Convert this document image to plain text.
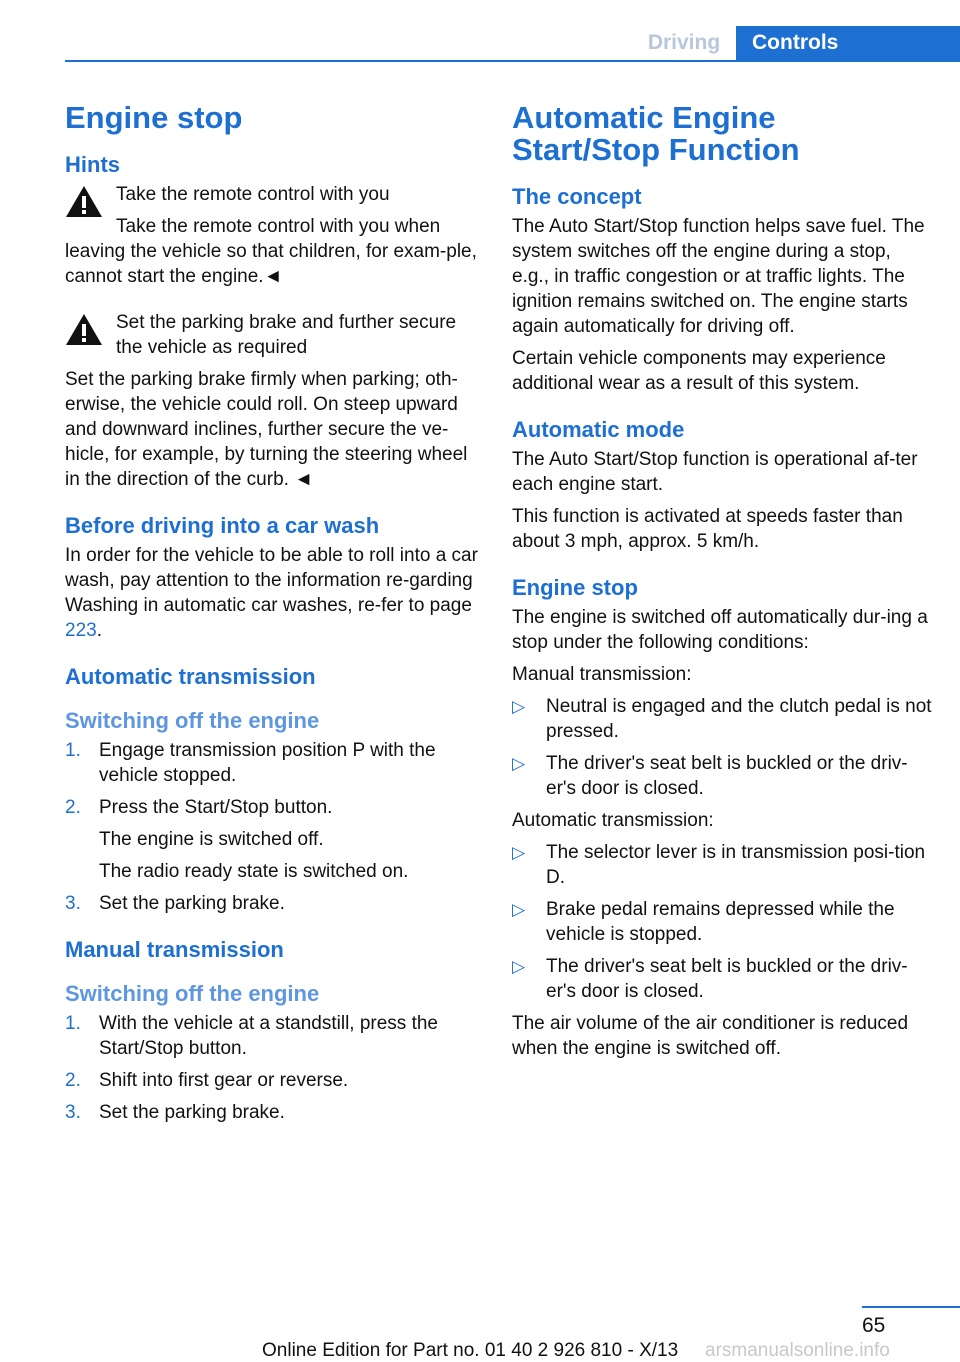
Driving	Controls
Engine stop
Hints
Take the remote control with you

Take the remote control with you when leaving the vehicle so that children, for exam‐ple, cannot start the engine.◄

Set the parking brake and further secure the vehicle as required

Set the parking brake firmly when parking; oth‐erwise, the vehicle could roll. On steep upward and downward inclines, further secure the ve‐hicle, for example, by turning the steering wheel in the direction of the curb. ◄

Before driving into a car wash

In order for the vehicle to be able to roll into a car wash, pay attention to the information re‐garding Washing in automatic car washes, re‐fer to page 223.

Automatic transmission
Switching off the engine
1. Engage transmission position P with the vehicle stopped.
2. Press the Start/Stop button.
The engine is switched off.
The radio ready state is switched on.
3. Set the parking brake.
Manual transmission
Switching off the engine
1. With the vehicle at a standstill, press the Start/Stop button.
2. Shift into first gear or reverse.
3. Set the parking brake.
Automatic Engine Start/Stop Function
The concept

The Auto Start/Stop function helps save fuel. The system switches off the engine during a stop, e.g., in traffic congestion or at traffic lights. The ignition remains switched on. The engine starts again automatically for driving off.

Certain vehicle components may experience additional wear as a result of this system.

Automatic mode

The Auto Start/Stop function is operational af‐ter each engine start.

This function is activated at speeds faster than about 3 mph, approx. 5 km/h.

Engine stop

The engine is switched off automatically dur‐ing a stop under the following conditions:

Manual transmission:

▷ Neutral is engaged and the clutch pedal is not pressed.
▷ The driver's seat belt is buckled or the driv‐er's door is closed.

Automatic transmission:

▷ The selector lever is in transmission posi‐tion D.
▷ Brake pedal remains depressed while the vehicle is stopped.
▷ The driver's seat belt is buckled or the driv‐er's door is closed.

The air volume of the air conditioner is reduced when the engine is switched off.

65
Online Edition for Part no. 01 40 2 926 810 - X/13 arsmanualsonline.info
